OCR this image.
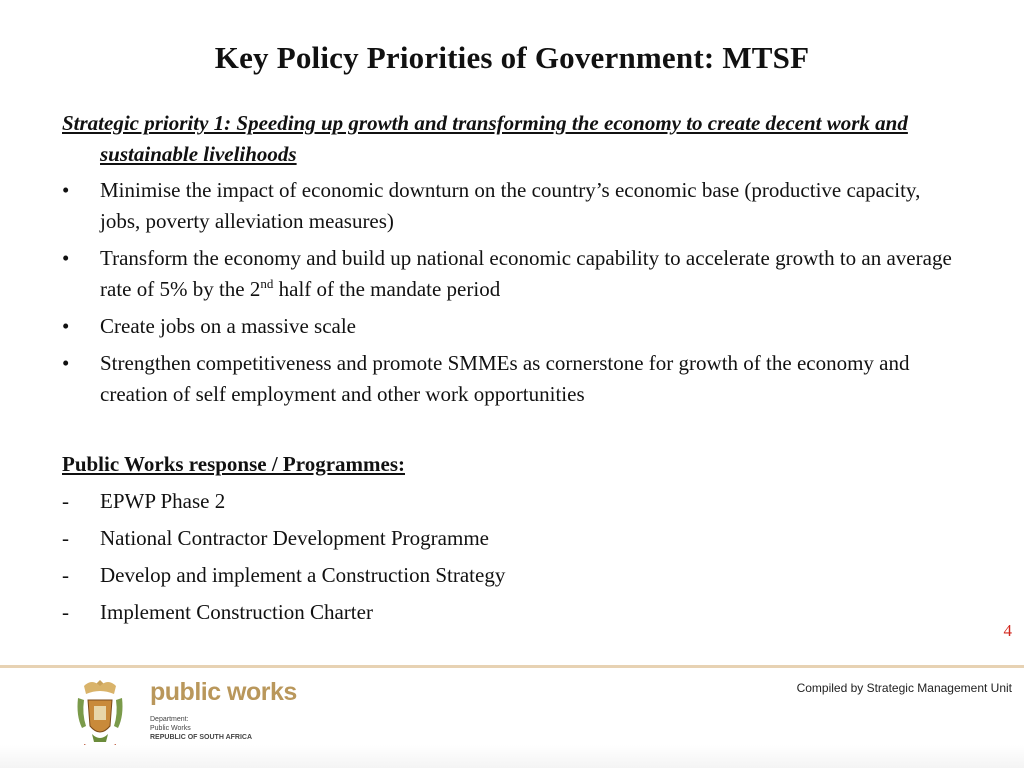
Key Policy Priorities of Government: MTSF
Strategic priority 1: Speeding up growth and transforming the economy to create decent work and sustainable livelihoods
•	Minimise the impact of economic downturn on the country’s economic base (productive capacity, jobs, poverty alleviation measures)
•	Transform the economy and build up national economic capability to accelerate growth to an average rate of 5% by the 2nd half of the mandate period
•	Create jobs on a massive scale
•	Strengthen competitiveness and promote SMMEs as cornerstone for growth of the economy and creation of self employment and other work opportunities
Public Works response / Programmes:
-	EPWP Phase 2
-	National Contractor Development Programme
-	Develop and implement a Construction Strategy
-	Implement Construction Charter
4
Compiled by Strategic Management Unit
public works
Department:
Public Works
REPUBLIC OF SOUTH AFRICA
